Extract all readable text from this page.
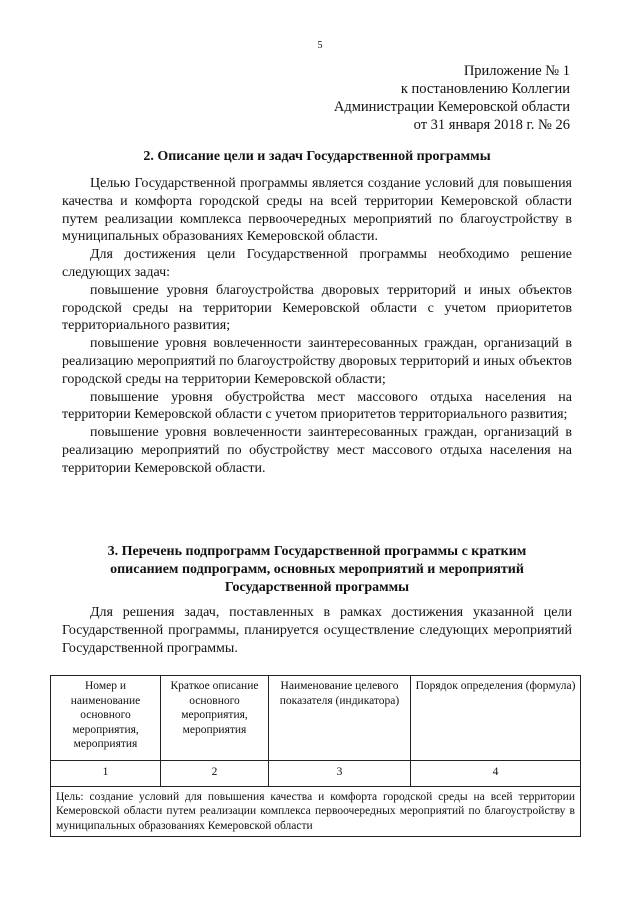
5
Приложение № 1
к постановлению Коллегии
Администрации Кемеровской области
от 31 января 2018 г. № 26
2. Описание цели и задач Государственной программы

Целью Государственной программы является создание условий для повышения качества и комфорта городской среды на всей территории Кемеровской области путем реализации комплекса первоочередных мероприятий по благоустройству в муниципальных образованиях Кемеровской области.

Для достижения цели Государственной программы необходимо решение следующих задач:

повышение уровня благоустройства дворовых территорий и иных объектов городской среды на территории Кемеровской области с учетом приоритетов территориального развития;

повышение уровня вовлеченности заинтересованных граждан, организаций в реализацию мероприятий по благоустройству дворовых территорий и иных объектов городской среды на территории Кемеровской области;

повышение уровня обустройства мест массового отдыха населения на территории Кемеровской области с учетом приоритетов территориального развития;

повышение уровня вовлеченности заинтересованных граждан, организаций в реализацию мероприятий по обустройству мест массового отдыха населения на территории Кемеровской области.

3. Перечень подпрограмм Государственной программы с кратким
описанием подпрограмм, основных мероприятий и мероприятий
Государственной программы

Для решения задач, поставленных в рамках достижения указанной цели Государственной программы, планируется осуществление следующих мероприятий Государственной программы.

Номер и наименование основного мероприятия, мероприятия	Краткое описание основного мероприятия, мероприятия	Наименование целевого показателя (индикатора)	Порядок определения (формула)
1	2	3	4
Цель: создание условий для повышения качества и комфорта городской среды на всей территории Кемеровской области путем реализации комплекса первоочередных мероприятий по благоустройству в муниципальных образованиях Кемеровской области			
